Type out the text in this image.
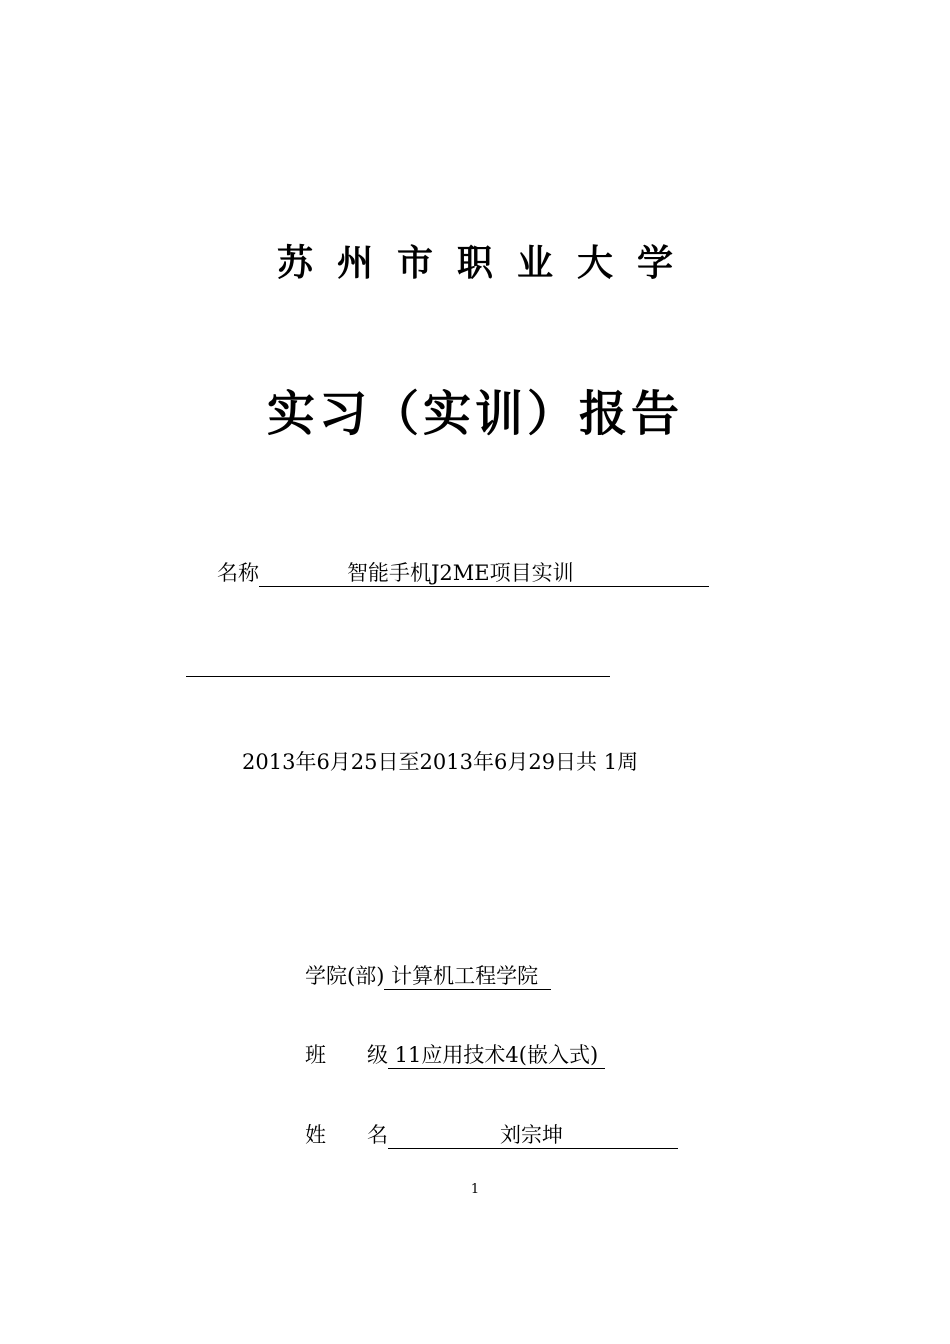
苏州市职业大学
实习（实训）报告
名称	智能手机J2ME项目实训
2013年6月25日至2013年6月29日共 1周
学院(部) 计算机工程学院
班 级 11应用技术4(嵌入式)
姓 名	刘宗坤
1
